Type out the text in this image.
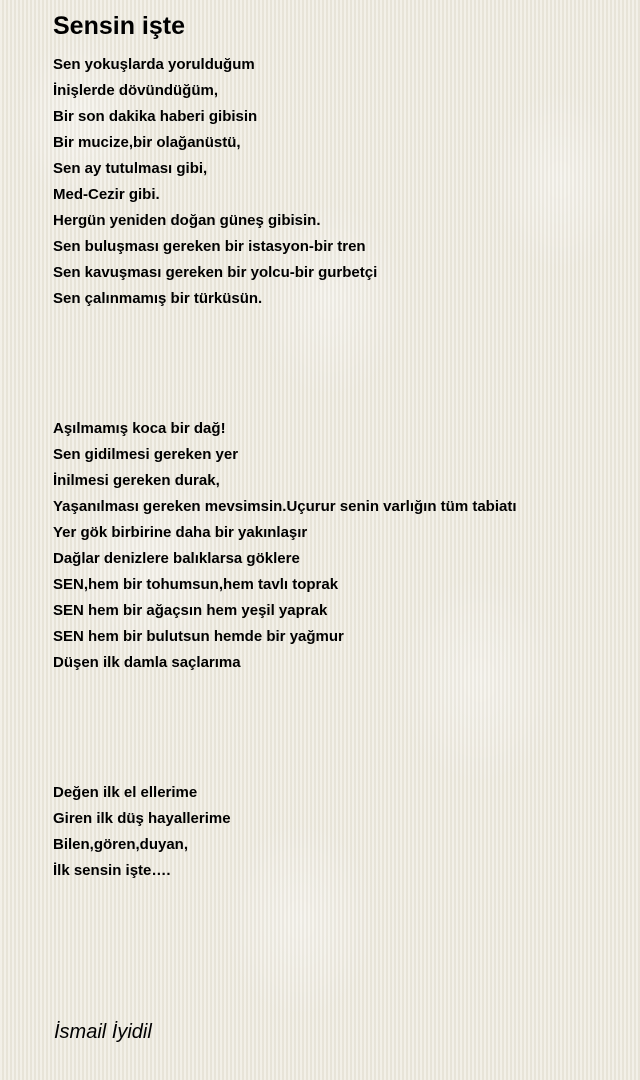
Sensin işte
Sen yokuşlarda yorulduğum
İnişlerde dövündüğüm,
Bir son dakika haberi gibisin
Bir mucize,bir olağanüstü,
Sen ay tutulması gibi,
Med-Cezir gibi.
Hergün yeniden doğan güneş gibisin.
Sen buluşması gereken bir istasyon-bir tren
Sen kavuşması gereken bir yolcu-bir gurbetçi
Sen çalınmamış bir türküsün.
Aşılmamış koca bir dağ!
Sen gidilmesi gereken yer
İnilmesi gereken durak,
Yaşanılması gereken mevsimsin.Uçurur senin varlığın tüm tabiatı
Yer gök birbirine daha bir yakınlaşır
Dağlar denizlere balıklarsa göklere
SEN,hem bir tohumsun,hem tavlı toprak
SEN hem bir ağaçsın hem yeşil yaprak
SEN hem bir bulutsun hemde bir yağmur
Düşen ilk damla saçlarıma
Değen ilk el ellerime
Giren ilk düş hayallerime
Bilen,gören,duyan,
İlk sensin işte….
İsmail İyidil
